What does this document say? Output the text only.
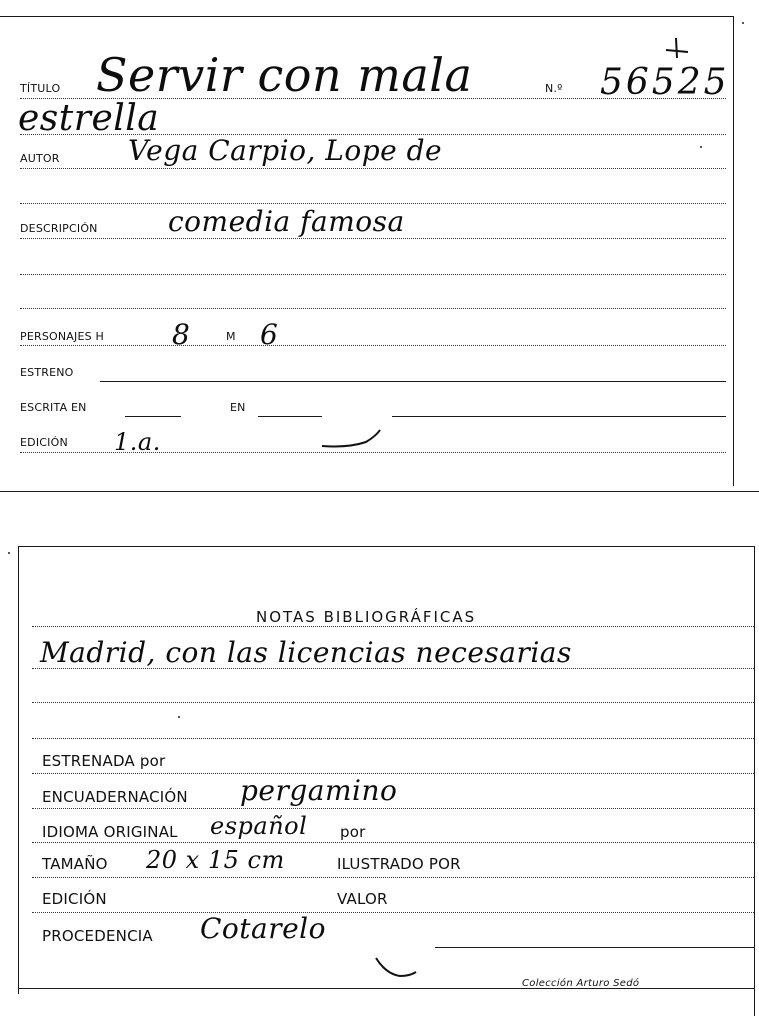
TÍTULO Servir con mala	N.º 56525
estrella
AUTOR Vega Carpio, Lope de
DESCRIPCIÓN	comedia famosa
PERSONAJES H 8	M 6
ESTRENO
ESCRITA EN	EN
EDICIÓN 1.a.
NOTAS BIBLIOGRÁFICAS
Madrid, con las licencias necesarias
ESTRENADA por
ENCUADERNACIÓN pergamino
IDIOMA ORIGINAL español por
TAMAÑO 20 x 15 cm	ILUSTRADO POR
EDICIÓN	VALOR
PROCEDENCIA Cotarelo
Colección Arturo Sedó
